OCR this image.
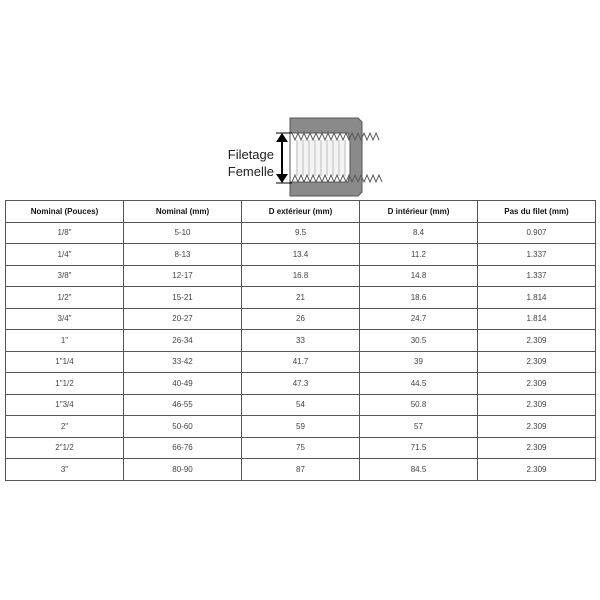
Filetage
Femelle
Nominal (Pouces)	Nominal (mm)	D extérieur (mm)	D intérieur (mm)	Pas du filet (mm)
1/8"	5-10	9.5	8.4	0.907
1/4"	8-13	13.4	11.2	1.337
3/8"	12-17	16.8	14.8	1.337
1/2"	15-21	21	18.6	1.814
3/4"	20-27	26	24.7	1.814
1"	26-34	33	30.5	2.309
1"1/4	33-42	41.7	39	2.309
1"1/2	40-49	47.3	44.5	2.309
1"3/4	46-55	54	50.8	2.309
2"	50-60	59	57	2.309
2"1/2	66-76	75	71.5	2.309
3"	80-90	87	84.5	2.309
